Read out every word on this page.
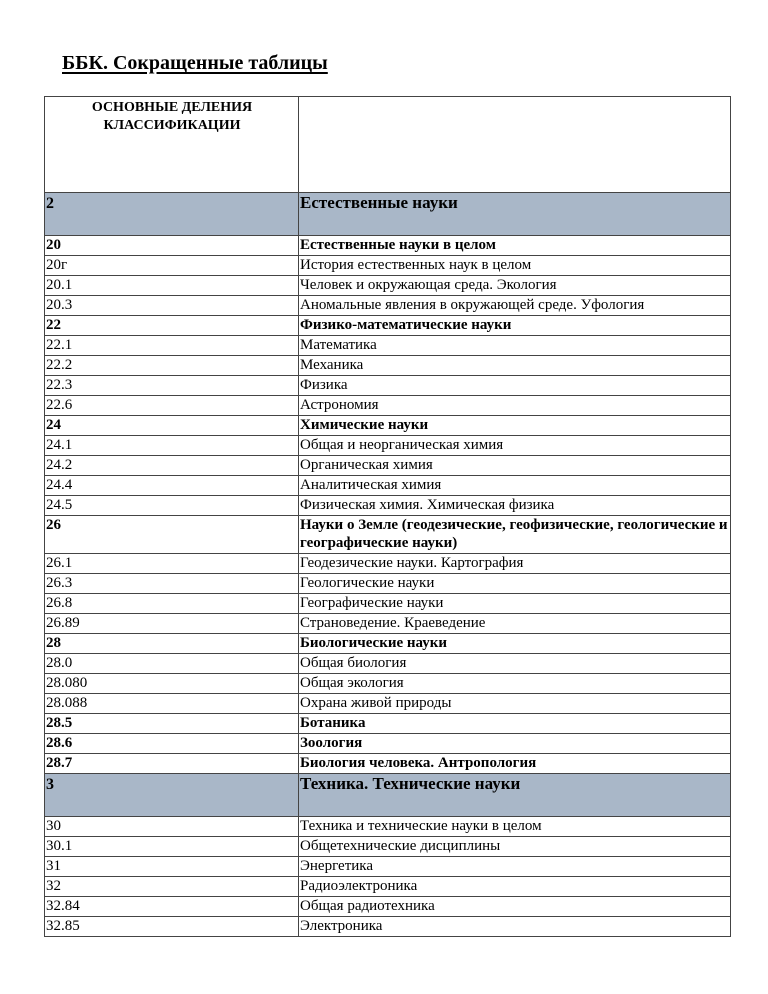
ББК. Сокращенные таблицы
ОСНОВНЫЕ ДЕЛЕНИЯ КЛАССИФИКАЦИИ	
2	Естественные науки
20	Естественные науки в целом
20г	История естественных наук в целом
20.1	Человек и окружающая среда. Экология
20.3	Аномальные явления в окружающей среде. Уфология
22	Физико-математические науки
22.1	Математика
22.2	Механика
22.3	Физика
22.6	Астрономия
24	Химические науки
24.1	Общая и неорганическая химия
24.2	Органическая химия
24.4	Аналитическая химия
24.5	Физическая химия. Химическая физика
26	Науки о Земле (геодезические, геофизические, геологические и географические науки)
26.1	Геодезические науки. Картография
26.3	Геологические науки
26.8	Географические науки
26.89	Страноведение. Краеведение
28	Биологические науки
28.0	Общая биология
28.080	Общая экология
28.088	Охрана живой природы
28.5	Ботаника
28.6	Зоология
28.7	Биология человека. Антропология
3	Техника. Технические науки
30	Техника и технические науки в целом
30.1	Общетехнические дисциплины
31	Энергетика
32	Радиоэлектроника
32.84	Общая радиотехника
32.85	Электроника
